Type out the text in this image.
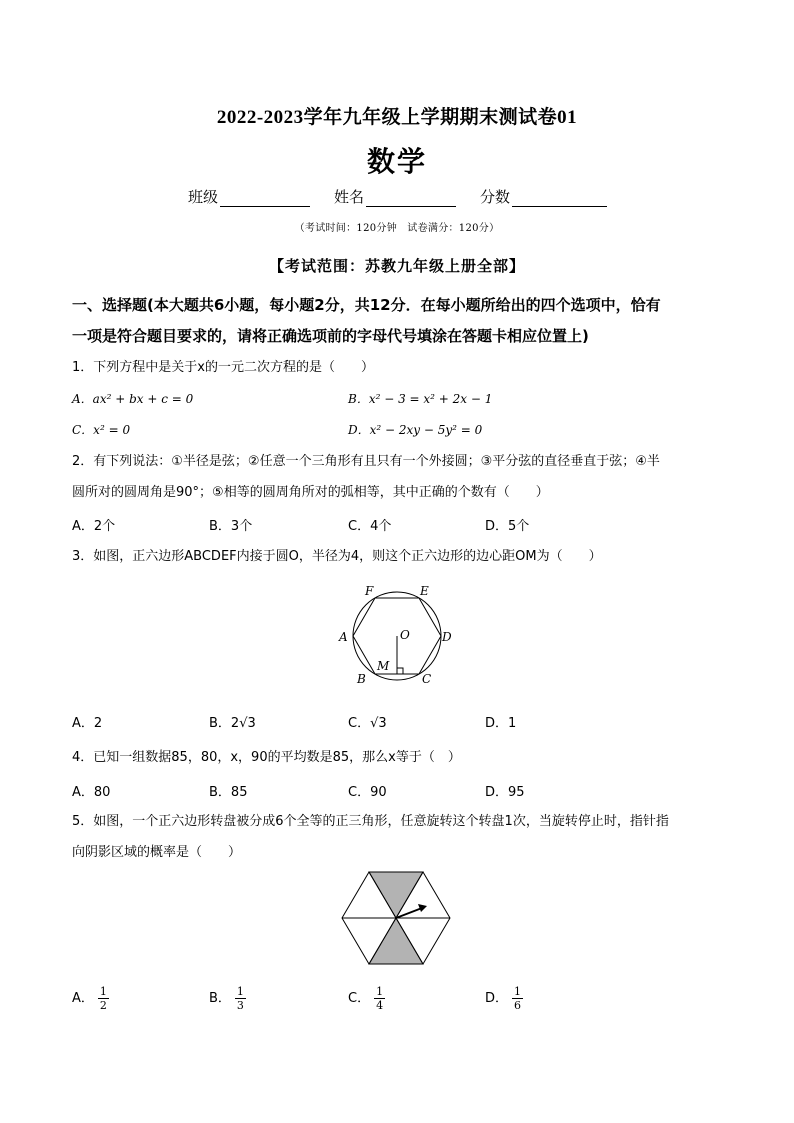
2022-2023学年九年级上学期期末测试卷01
数学
班级	姓名	分数
（考试时间：120分钟　试卷满分：120分）
【考试范围：苏教九年级上册全部】
一、选择题(本大题共6小题，每小题2分，共12分．在每小题所给出的四个选项中，恰有
一项是符合题目要求的，请将正确选项前的字母代号填涂在答题卡相应位置上)
1．下列方程中是关于x的一元二次方程的是（　　）
A．ax² + bx + c = 0	B．x² − 3 = x² + 2x − 1
C．x² = 0	D．x² − 2xy − 5y² = 0
2．有下列说法：①半径是弦；②任意一个三角形有且只有一个外接圆；③平分弦的直径垂直于弦；④半
圆所对的圆周角是90°；⑤相等的圆周角所对的弧相等，其中正确的个数有（　　）
A．2个	B．3个	C．4个	D．5个
3．如图，正六边形ABCDEF内接于圆O，半径为4，则这个正六边形的边心距OM为（　　）
F	E
A	O	D
M
B	C
A．2	B．2√3	C．√3	D．1
4．已知一组数据85，80，x，90的平均数是85，那么x等于（　）
A．80	B．85	C．90	D．95
5．如图，一个正六边形转盘被分成6个全等的正三角形，任意旋转这个转盘1次，当旋转停止时，指针指
向阴影区域的概率是（　　）
A． $\frac{1}{2}$	B． $\frac{1}{3}$	C． $\frac{1}{4}$	D． $\frac{1}{6}$
